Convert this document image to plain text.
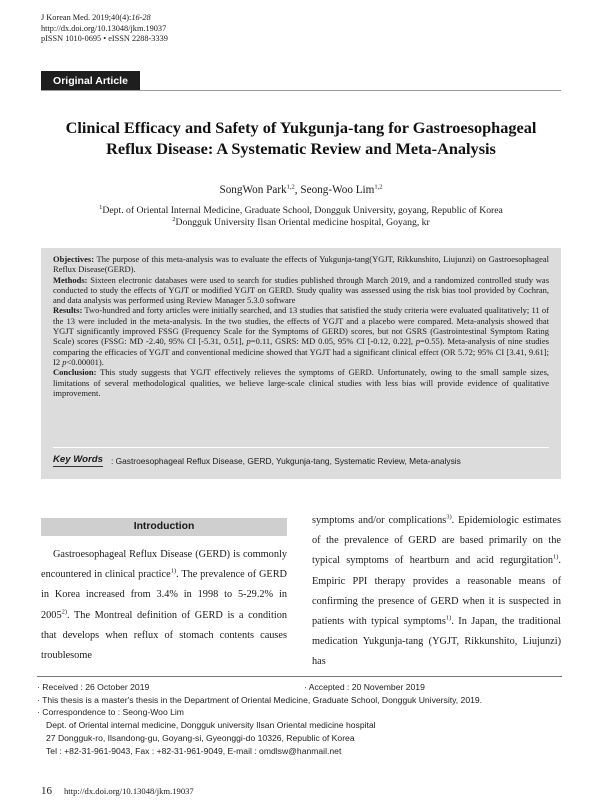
J Korean Med. 2019;40(4):16-28
http://dx.doi.org/10.13048/jkm.19037
pISSN 1010-0695 • eISSN 2288-3339
Original Article
Clinical Efficacy and Safety of Yukgunja-tang for Gastroesophageal Reflux Disease: A Systematic Review and Meta-Analysis
SongWon Park$^{1,2}$, Seong-Woo Lim$^{1,2}$
$^1$Dept. of Oriental Internal Medicine, Graduate School, Dongguk University, goyang, Republic of Korea
$^2$Dongguk University Ilsan Oriental medicine hospital, Goyang, kr

Objectives: The purpose of this meta-analysis was to evaluate the effects of Yukgunja-tang(YGJT, Rikkunshito, Liujunzi) on Gastroesophageal Reflux Disease(GERD).

Methods: Sixteen electronic databases were used to search for studies published through March 2019, and a randomized controlled study was conducted to study the effects of YGJT or modified YGJT on GERD. Study quality was assessed using the risk bias tool provided by Cochran, and data analysis was performed using Review Manager 5.3.0 software

Results: Two-hundred and forty articles were initially searched, and 13 studies that satisfied the study criteria were evaluated qualitatively; 11 of the 13 were included in the meta-analysis. In the two studies, the effects of YGJT and a placebo were compared. Meta-analysis showed that YGJT significantly improved FSSG (Frequency Scale for the Symptoms of GERD) scores, but not GSRS (Gastrointestinal Symptom Rating Scale) scores (FSSG: MD -2.40, 95% CI [-5.31, 0.51], p=0.11, GSRS: MD 0.05, 95% CI [-0.12, 0.22], p=0.55). Meta-analysis of nine studies comparing the efficacies of YGJT and conventional medicine showed that YGJT had a significant clinical effect (OR 5.72; 95% CI [3.41, 9.61]; I2 p<0.00001).

Conclusion: This study suggests that YGJT effectively relieves the symptoms of GERD. Unfortunately, owing to the small sample sizes, limitations of several methodological qualities, we believe large-scale clinical studies with less bias will provide evidence of qualitative improvement.

Key Words : Gastroesophageal Reflux Disease, GERD, Yukgunja-tang, Systematic Review, Meta-analysis
Introduction

Gastroesophageal Reflux Disease (GERD) is commonly encountered in clinical practice$^{1)}$. The prevalence of GERD in Korea increased from 3.4% in 1998 to 5-29.2% in 2005$^{2)}$. The Montreal definition of GERD is a condition that develops when reflux of stomach contents causes troublesome

symptoms and/or complications$^{3)}$. Epidemiologic estimates of the prevalence of GERD are based primarily on the typical symptoms of heartburn and acid regurgitation$^{1)}$. Empiric PPI therapy provides a reasonable means of confirming the presence of GERD when it is suspected in patients with typical symptoms$^{1)}$. In Japan, the traditional medication Yukgunja-tang (YGJT, Rikkunshito, Liujunzi) has

· Received : 26 October 2019	· Accepted : 20 November 2019
· This thesis is a master's thesis in the Department of Oriental Medicine, Graduate School, Dongguk University, 2019.
· Correspondence to : Seong-Woo Lim
Dept. of Oriental internal medicine, Dongguk university Ilsan Oriental medicine hospital
27 Dongguk-ro, Ilsandong-gu, Goyang-si, Gyeonggi-do 10326, Republic of Korea
Tel : +82-31-961-9043, Fax : +82-31-961-9049, E-mail : omdlsw@hanmail.net
16 http://dx.doi.org/10.13048/jkm.19037
